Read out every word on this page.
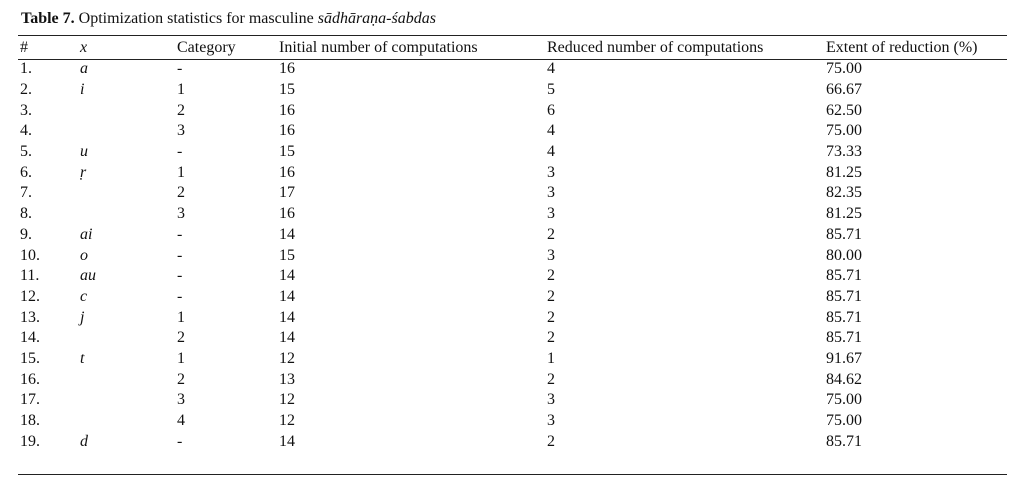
Table 7. Optimization statistics for masculine sādhāraṇa-śabdas
#	x	Category	Initial number of computations	Reduced number of computations	Extent of reduction (%)
1.	a	-	16	4	75.00
2.	i	1	15	5	66.67
3.		2	16	6	62.50
4.		3	16	4	75.00
5.	u	-	15	4	73.33
6.	ṛ	1	16	3	81.25
7.		2	17	3	82.35
8.		3	16	3	81.25
9.	ai	-	14	2	85.71
10.	o	-	15	3	80.00
11.	au	-	14	2	85.71
12.	c	-	14	2	85.71
13.	j	1	14	2	85.71
14.		2	14	2	85.71
15.	t	1	12	1	91.67
16.		2	13	2	84.62
17.		3	12	3	75.00
18.		4	12	3	75.00
19.	d	-	14	2	85.71
